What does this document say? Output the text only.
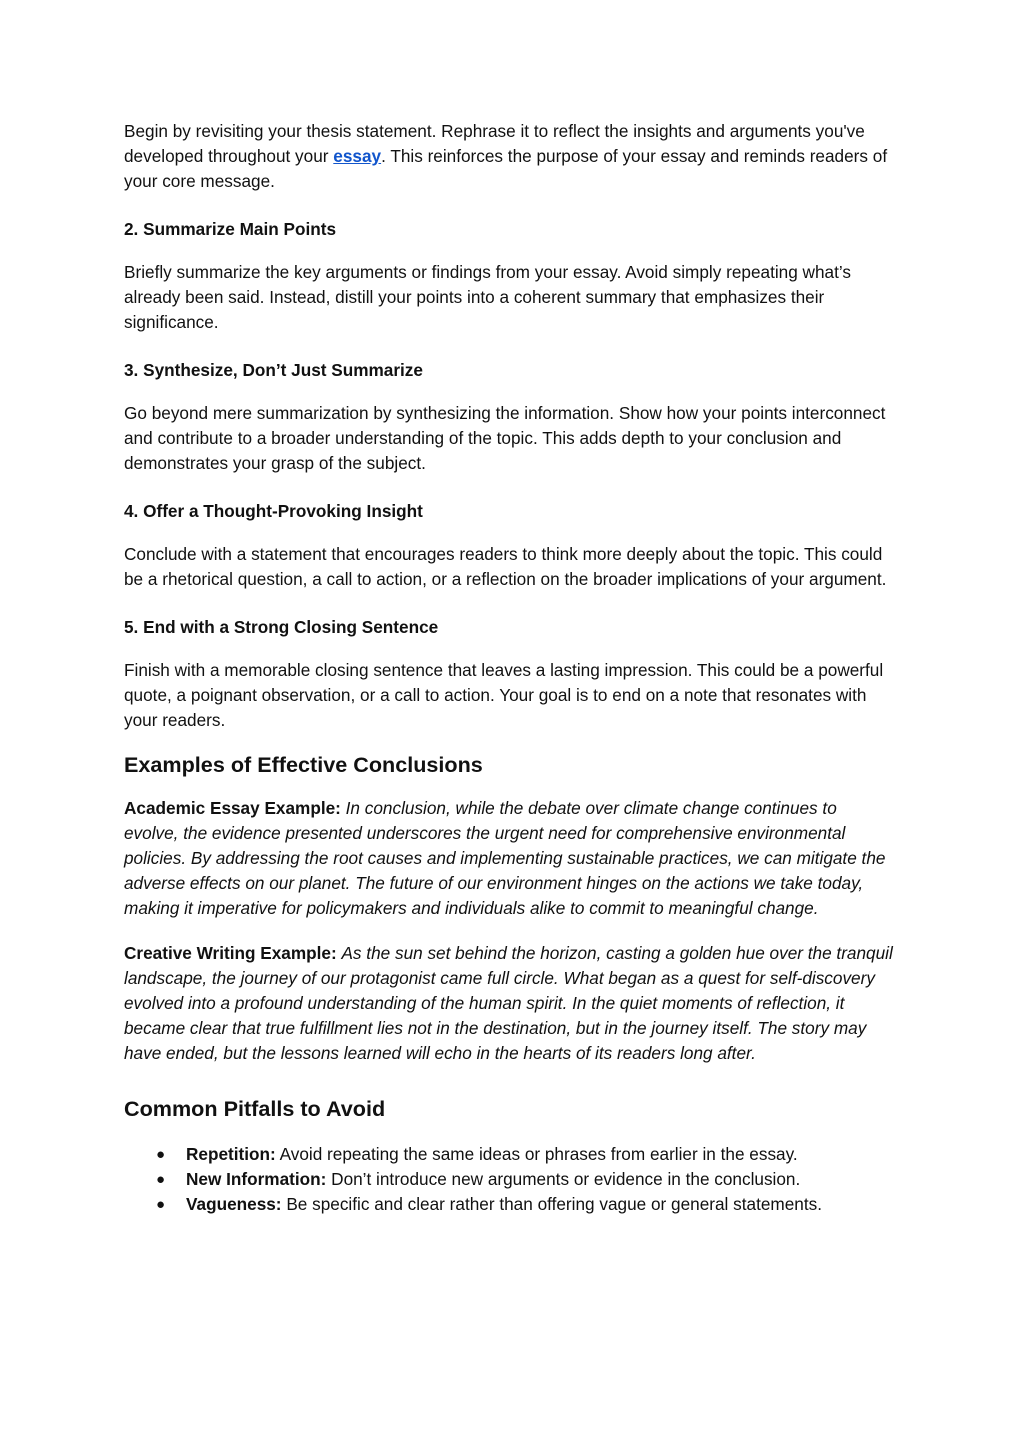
Begin by revisiting your thesis statement. Rephrase it to reflect the insights and arguments you've developed throughout your essay. This reinforces the purpose of your essay and reminds readers of your core message.

2. Summarize Main Points

Briefly summarize the key arguments or findings from your essay. Avoid simply repeating what’s already been said. Instead, distill your points into a coherent summary that emphasizes their significance.

3. Synthesize, Don’t Just Summarize

Go beyond mere summarization by synthesizing the information. Show how your points interconnect and contribute to a broader understanding of the topic. This adds depth to your conclusion and demonstrates your grasp of the subject.

4. Offer a Thought-Provoking Insight

Conclude with a statement that encourages readers to think more deeply about the topic. This could be a rhetorical question, a call to action, or a reflection on the broader implications of your argument.

5. End with a Strong Closing Sentence

Finish with a memorable closing sentence that leaves a lasting impression. This could be a powerful quote, a poignant observation, or a call to action. Your goal is to end on a note that resonates with your readers.

Examples of Effective Conclusions

Academic Essay Example: In conclusion, while the debate over climate change continues to evolve, the evidence presented underscores the urgent need for comprehensive environmental policies. By addressing the root causes and implementing sustainable practices, we can mitigate the adverse effects on our planet. The future of our environment hinges on the actions we take today, making it imperative for policymakers and individuals alike to commit to meaningful change.

Creative Writing Example: As the sun set behind the horizon, casting a golden hue over the tranquil landscape, the journey of our protagonist came full circle. What began as a quest for self-discovery evolved into a profound understanding of the human spirit. In the quiet moments of reflection, it became clear that true fulfillment lies not in the destination, but in the journey itself. The story may have ended, but the lessons learned will echo in the hearts of its readers long after.

Common Pitfalls to Avoid
● Repetition: Avoid repeating the same ideas or phrases from earlier in the essay.
● New Information: Don’t introduce new arguments or evidence in the conclusion.
● Vagueness: Be specific and clear rather than offering vague or general statements.
